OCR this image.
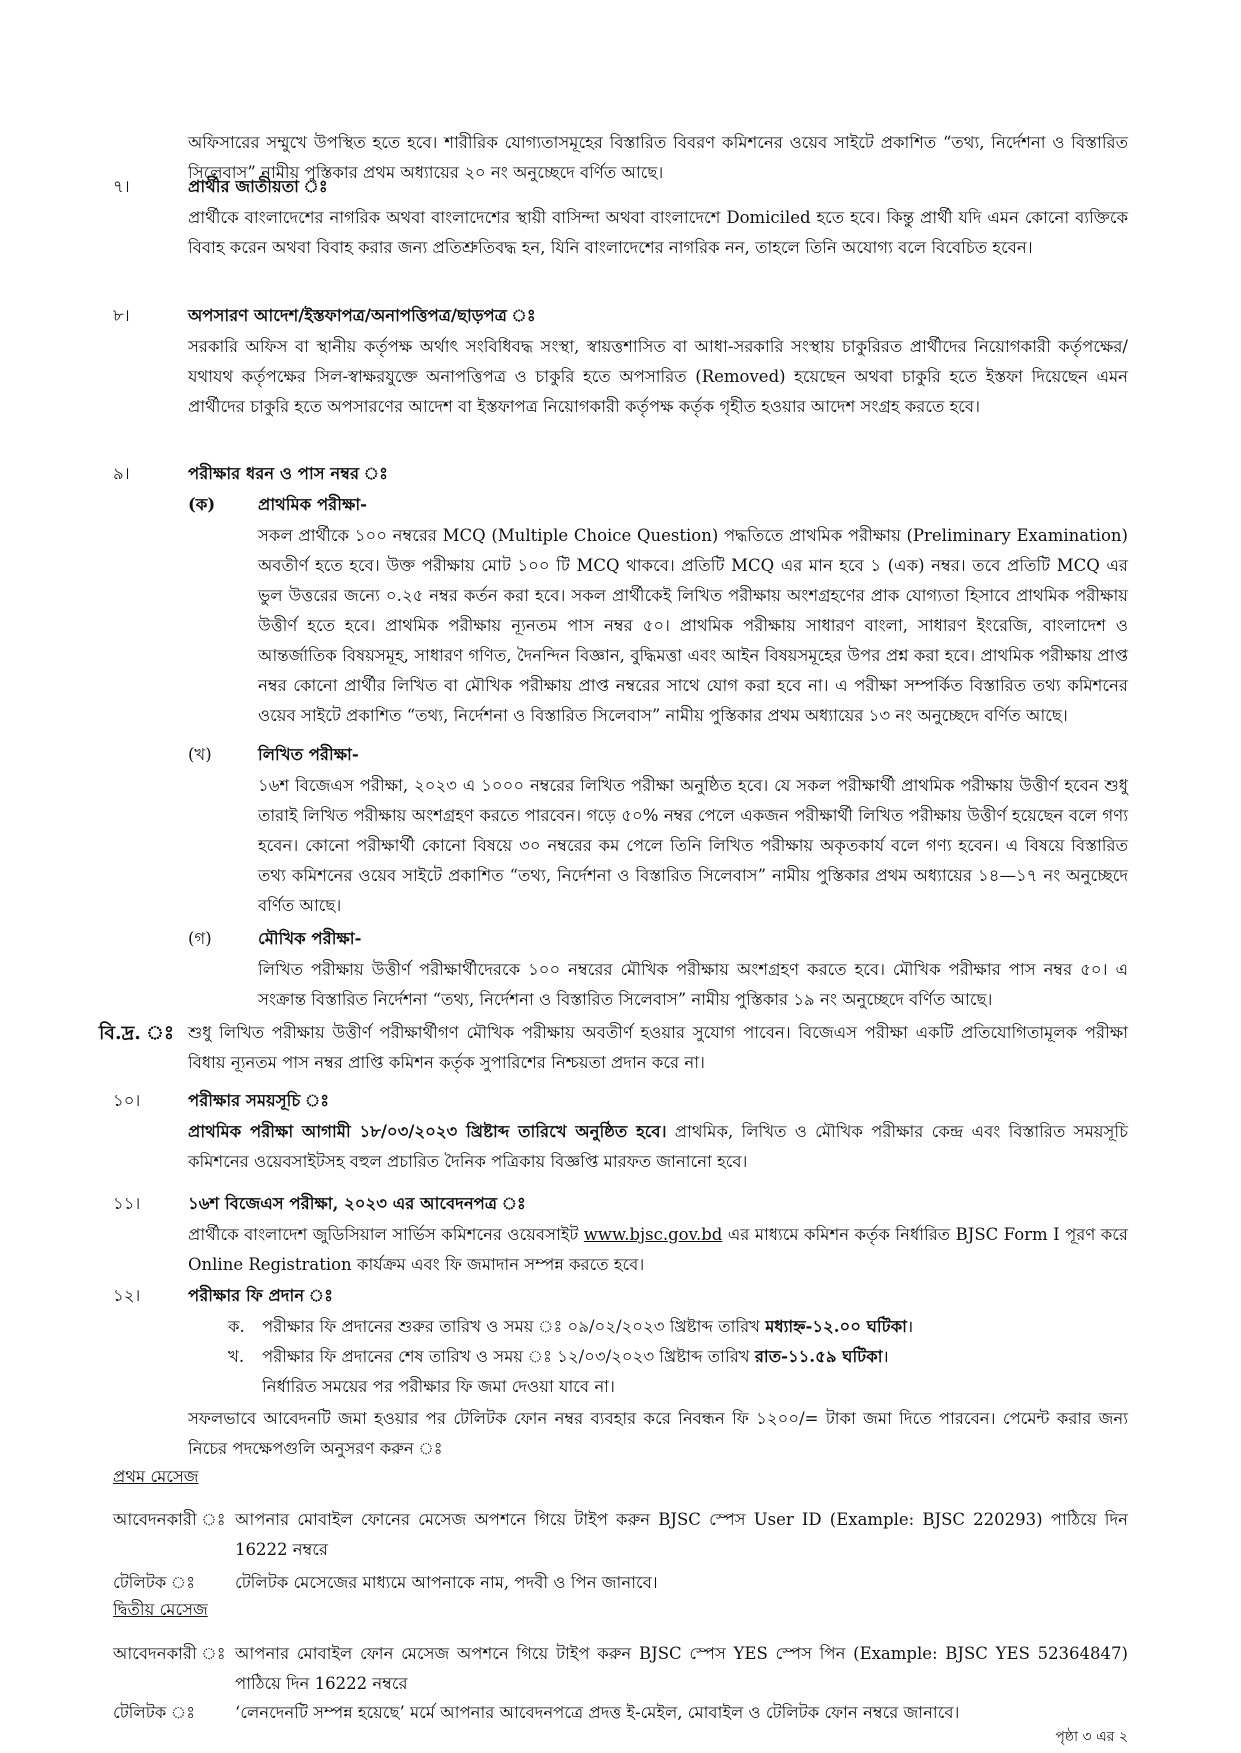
অফিসারের সম্মুখে উপস্থিত হতে হবে। শারীরিক যোগ্যতাসমূহের বিস্তারিত বিবরণ কমিশনের ওয়েব সাইটে প্রকাশিত “তথ্য, নির্দেশনা ও বিস্তারিত সিলেবাস” নামীয় পুস্তিকার প্রথম অধ্যায়ের ২০ নং অনুচ্ছেদে বর্ণিত আছে।

৭।	প্রার্থীর জাতীয়তা ঃ

প্রার্থীকে বাংলাদেশের নাগরিক অথবা বাংলাদেশের স্থায়ী বাসিন্দা অথবা বাংলাদেশে Domiciled হতে হবে। কিন্তু প্রার্থী যদি এমন কোনো ব্যক্তিকে বিবাহ করেন অথবা বিবাহ করার জন্য প্রতিশ্রুতিবদ্ধ হন, যিনি বাংলাদেশের নাগরিক নন, তাহলে তিনি অযোগ্য বলে বিবেচিত হবেন।

৮।	অপসারণ আদেশ/ইস্তফাপত্র/অনাপত্তিপত্র/ছাড়পত্র ঃ

সরকারি অফিস বা স্থানীয় কর্তৃপক্ষ অর্থাৎ সংবিধিবদ্ধ সংস্থা, স্বায়ত্তশাসিত বা আধা-সরকারি সংস্থায় চাকুরিরত প্রার্থীদের নিয়োগকারী কর্তৃপক্ষের/যথাযথ কর্তৃপক্ষের সিল-স্বাক্ষরযুক্তে অনাপত্তিপত্র ও চাকুরি হতে অপসারিত (Removed) হয়েছেন অথবা চাকুরি হতে ইস্তফা দিয়েছেন এমন প্রার্থীদের চাকুরি হতে অপসারণের আদেশ বা ইস্তফাপত্র নিয়োগকারী কর্তৃপক্ষ কর্তৃক গৃহীত হওয়ার আদেশ সংগ্রহ করতে হবে।

৯।	পরীক্ষার ধরন ও পাস নম্বর ঃ
(ক)	প্রাথমিক পরীক্ষা-

সকল প্রার্থীকে ১০০ নম্বরের MCQ (Multiple Choice Question) পদ্ধতিতে প্রাথমিক পরীক্ষায় (Preliminary Examination) অবতীর্ণ হতে হবে। উক্ত পরীক্ষায় মোট ১০০ টি MCQ থাকবে। প্রতিটি MCQ এর মান হবে ১ (এক) নম্বর। তবে প্রতিটি MCQ এর ভুল উত্তরের জন্যে ০.২৫ নম্বর কর্তন করা হবে। সকল প্রার্থীকেই লিখিত পরীক্ষায় অংশগ্রহণের প্রাক যোগ্যতা হিসাবে প্রাথমিক পরীক্ষায় উত্তীর্ণ হতে হবে। প্রাথমিক পরীক্ষায় ন্যূনতম পাস নম্বর ৫০। প্রাথমিক পরীক্ষায় সাধারণ বাংলা, সাধারণ ইংরেজি, বাংলাদেশ ও আন্তর্জাতিক বিষয়সমূহ, সাধারণ গণিত, দৈনন্দিন বিজ্ঞান, বুদ্ধিমত্তা এবং আইন বিষয়সমূহের উপর প্রশ্ন করা হবে। প্রাথমিক পরীক্ষায় প্রাপ্ত নম্বর কোনো প্রার্থীর লিখিত বা মৌখিক পরীক্ষায় প্রাপ্ত নম্বরের সাথে যোগ করা হবে না। এ পরীক্ষা সম্পর্কিত বিস্তারিত তথ্য কমিশনের ওয়েব সাইটে প্রকাশিত “তথ্য, নির্দেশনা ও বিস্তারিত সিলেবাস” নামীয় পুস্তিকার প্রথম অধ্যায়ের ১৩ নং অনুচ্ছেদে বর্ণিত আছে।

(খ)	লিখিত পরীক্ষা-

১৬শ বিজেএস পরীক্ষা, ২০২৩ এ ১০০০ নম্বরের লিখিত পরীক্ষা অনুষ্ঠিত হবে। যে সকল পরীক্ষার্থী প্রাথমিক পরীক্ষায় উত্তীর্ণ হবেন শুধু তারাই লিখিত পরীক্ষায় অংশগ্রহণ করতে পারবেন। গড়ে ৫০% নম্বর পেলে একজন পরীক্ষার্থী লিখিত পরীক্ষায় উত্তীর্ণ হয়েছেন বলে গণ্য হবেন। কোনো পরীক্ষার্থী কোনো বিষয়ে ৩০ নম্বরের কম পেলে তিনি লিখিত পরীক্ষায় অকৃতকার্য বলে গণ্য হবেন। এ বিষয়ে বিস্তারিত তথ্য কমিশনের ওয়েব সাইটে প্রকাশিত “তথ্য, নির্দেশনা ও বিস্তারিত সিলেবাস” নামীয় পুস্তিকার প্রথম অধ্যায়ের ১৪—১৭ নং অনুচ্ছেদে বর্ণিত আছে।

(গ)	মৌখিক পরীক্ষা-

লিখিত পরীক্ষায় উত্তীর্ণ পরীক্ষার্থীদেরকে ১০০ নম্বরের মৌখিক পরীক্ষায় অংশগ্রহণ করতে হবে। মৌখিক পরীক্ষার পাস নম্বর ৫০। এ সংক্রান্ত বিস্তারিত নির্দেশনা “তথ্য, নির্দেশনা ও বিস্তারিত সিলেবাস” নামীয় পুস্তিকার ১৯ নং অনুচ্ছেদে বর্ণিত আছে।

বি.দ্র. ঃ শুধু লিখিত পরীক্ষায় উত্তীর্ণ পরীক্ষার্থীগণ মৌখিক পরীক্ষায় অবতীর্ণ হওয়ার সুযোগ পাবেন। বিজেএস পরীক্ষা একটি প্রতিযোগিতামূলক পরীক্ষা বিধায় ন্যূনতম পাস নম্বর প্রাপ্তি কমিশন কর্তৃক সুপারিশের নিশ্চয়তা প্রদান করে না।

১০।	পরীক্ষার সময়সূচি ঃ

প্রাথমিক পরীক্ষা আগামী ১৮/০৩/২০২৩ খ্রিষ্টাব্দ তারিখে অনুষ্ঠিত হবে। প্রাথমিক, লিখিত ও মৌখিক পরীক্ষার কেন্দ্র এবং বিস্তারিত সময়সূচি কমিশনের ওয়েবসাইটসহ বহুল প্রচারিত দৈনিক পত্রিকায় বিজ্ঞপ্তি মারফত জানানো হবে।

১১।	১৬শ বিজেএস পরীক্ষা, ২০২৩ এর আবেদনপত্র ঃ

প্রার্থীকে বাংলাদেশ জুডিসিয়াল সার্ভিস কমিশনের ওয়েবসাইট www.bjsc.gov.bd এর মাধ্যমে কমিশন কর্তৃক নির্ধারিত BJSC Form I পূরণ করে Online Registration কার্যক্রম এবং ফি জমাদান সম্পন্ন করতে হবে।

১২।	পরীক্ষার ফি প্রদান ঃ
ক. পরীক্ষার ফি প্রদানের শুরুর তারিখ ও সময় ঃ ০৯/০২/২০২৩ খ্রিষ্টাব্দ তারিখ মধ্যাহ্ন-১২.০০ ঘটিকা।
খ. পরীক্ষার ফি প্রদানের শেষ তারিখ ও সময় ঃ ১২/০৩/২০২৩ খ্রিষ্টাব্দ তারিখ রাত-১১.৫৯ ঘটিকা।
নির্ধারিত সময়ের পর পরীক্ষার ফি জমা দেওয়া যাবে না।

সফলভাবে আবেদনটি জমা হওয়ার পর টেলিটক ফোন নম্বর ব্যবহার করে নিবন্ধন ফি ১২০০/= টাকা জমা দিতে পারবেন। পেমেন্ট করার জন্য নিচের পদক্ষেপগুলি অনুসরণ করুন ঃ

প্রথম মেসেজ
আবেদনকারী ঃ আপনার মোবাইল ফোনের মেসেজ অপশনে গিয়ে টাইপ করুন BJSC স্পেস User ID (Example: BJSC 220293) পাঠিয়ে দিন 16222 নম্বরে

টেলিটক ঃ টেলিটক মেসেজের মাধ্যমে আপনাকে নাম, পদবী ও পিন জানাবে।
দ্বিতীয় মেসেজ
আবেদনকারী ঃ আপনার মোবাইল ফোন মেসেজ অপশনে গিয়ে টাইপ করুন BJSC স্পেস YES স্পেস পিন (Example: BJSC YES 52364847) পাঠিয়ে দিন 16222 নম্বরে

টেলিটক ঃ ‘লেনদেনটি সম্পন্ন হয়েছে’ মর্মে আপনার আবেদনপত্রে প্রদত্ত ই-মেইল, মোবাইল ও টেলিটক ফোন নম্বরে জানাবে।
পৃষ্ঠা ৩ এর ২
